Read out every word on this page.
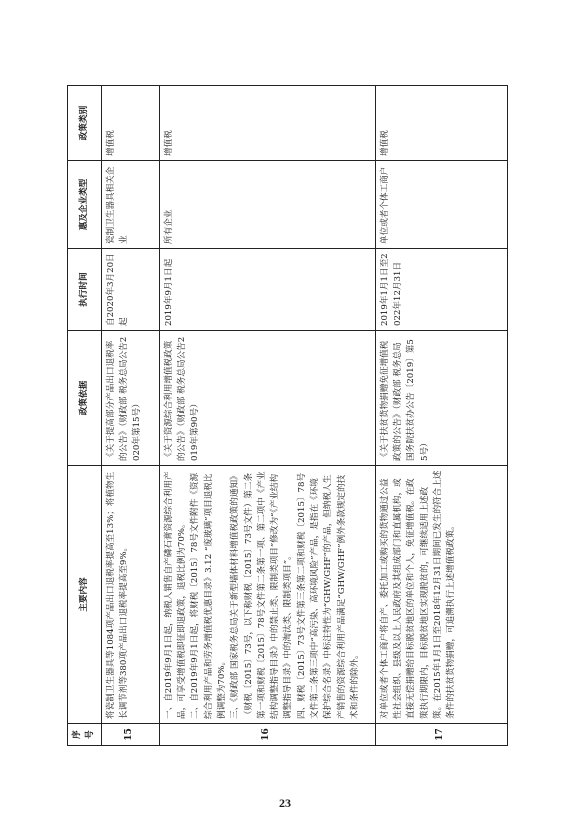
序号	主要内容	政策依据	执行时间	惠及企业类型	政策类别
15	将瓷制卫生器具等1084项产品出口退税率提高至13%；将植物生长调节剂等380项产品出口退税率提高至9%。	《关于提高部分产品出口退税率的公告》（财政部 税务总局公告2020年第15号）	自2020年3月20日起	瓷制卫生器具相关企业	增值税
16	一、自2019年9月1日起，纳税人销售自产磷石膏资源综合利用产品，可享受增值税即征即退政策，退税比例为70%。 二、自2019年9月1日起，将财税〔2015〕78号文件附件《资源综合利用产品和劳务增值税优惠目录》3.12 “废玻璃”项目退税比例调整为70%。 三、《财政部 国家税务总局关于新型墙体材料增值税政策的通知》（财税〔2015〕73号，以下称财税〔2015〕73号文件）第二条第一项和财税〔2015〕78号文件第二条第一项、第二项中《产业结构调整指导目录》中的禁止类、限制类项目”修改为“《产业结构调整指导目录》中的淘汰类、限制类项目”。 四、财税〔2015〕73号文件第三条第二项和财税〔2015〕78号文件第二条第三项中“高污染、高环境风险”产品，是指在《环境保护综合名录》中标注特性为“GHW/GHF”的产品，但纳税人生产销售的资源综合利用产品满足“GHW/GHF”例外条款规定的技术和条件的除外。	《关于资源综合利用增值税政策的公告》（财政部 税务总局公告2019年第90号）	2019年9月1日起	所有企业	增值税
17	对单位或者个体工商户将自产、委托加工或购买的货物通过公益性社会组织、县级及以上人民政府及其组成部门和直属机构，或直接无偿捐赠给目标脱贫地区的单位和个人，免征增值税。在政策执行期限内，目标脱贫地区实现脱贫的，可继续适用上述政策。在2015年1月1日至2018年12月31日期间已发生的符合上述条件的扶贫货物捐赠，可追溯执行上述增值税政策。	《关于扶贫货物捐赠免征增值税政策的公告》（财政部 税务总局 国务院扶贫办公告〔2019〕第55号）	2019年1月1日至2022年12月31日	单位或者个体工商户	增值税
23
